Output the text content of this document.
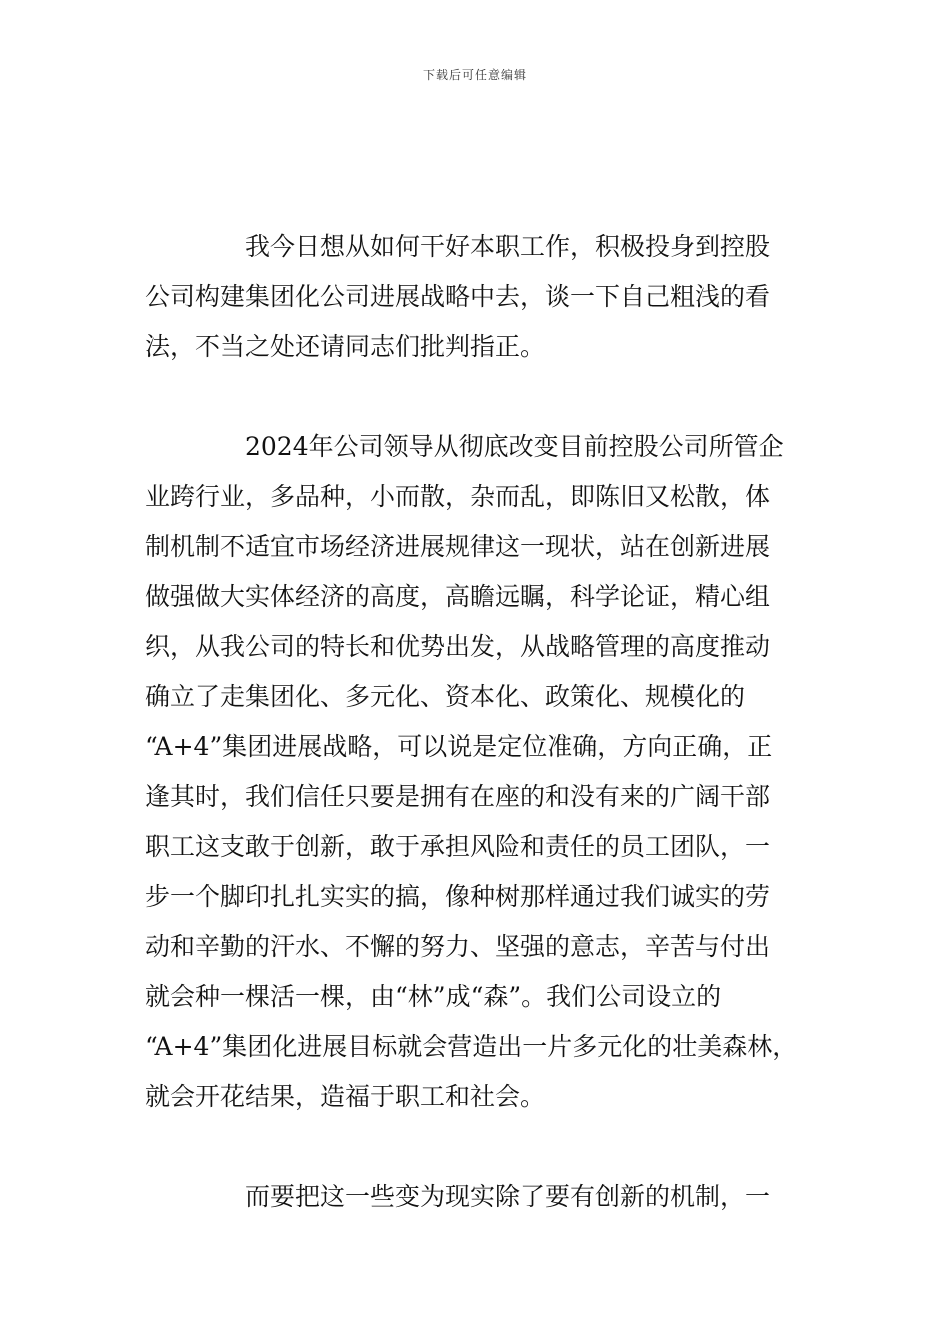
下载后可任意编辑
　　　　我今日想从如何干好本职工作，积极投身到控股
公司构建集团化公司进展战略中去，谈一下自己粗浅的看
法，不当之处还请同志们批判指正。
　　　　2024年公司领导从彻底改变目前控股公司所管企
业跨行业，多品种，小而散，杂而乱，即陈旧又松散，体
制机制不适宜市场经济进展规律这一现状，站在创新进展
做强做大实体经济的高度，高瞻远瞩，科学论证，精心组
织，从我公司的特长和优势出发，从战略管理的高度推动
确立了走集团化、多元化、资本化、政策化、规模化的
“A+4”集团进展战略，可以说是定位准确，方向正确，正
逢其时，我们信任只要是拥有在座的和没有来的广阔干部
职工这支敢于创新，敢于承担风险和责任的员工团队，一
步一个脚印扎扎实实的搞，像种树那样通过我们诚实的劳
动和辛勤的汗水、不懈的努力、坚强的意志，辛苦与付出
就会种一棵活一棵，由“林”成“森”。我们公司设立的
“A+4”集团化进展目标就会营造出一片多元化的壮美森林，
就会开花结果，造福于职工和社会。
　　　　而要把这一些变为现实除了要有创新的机制，一
